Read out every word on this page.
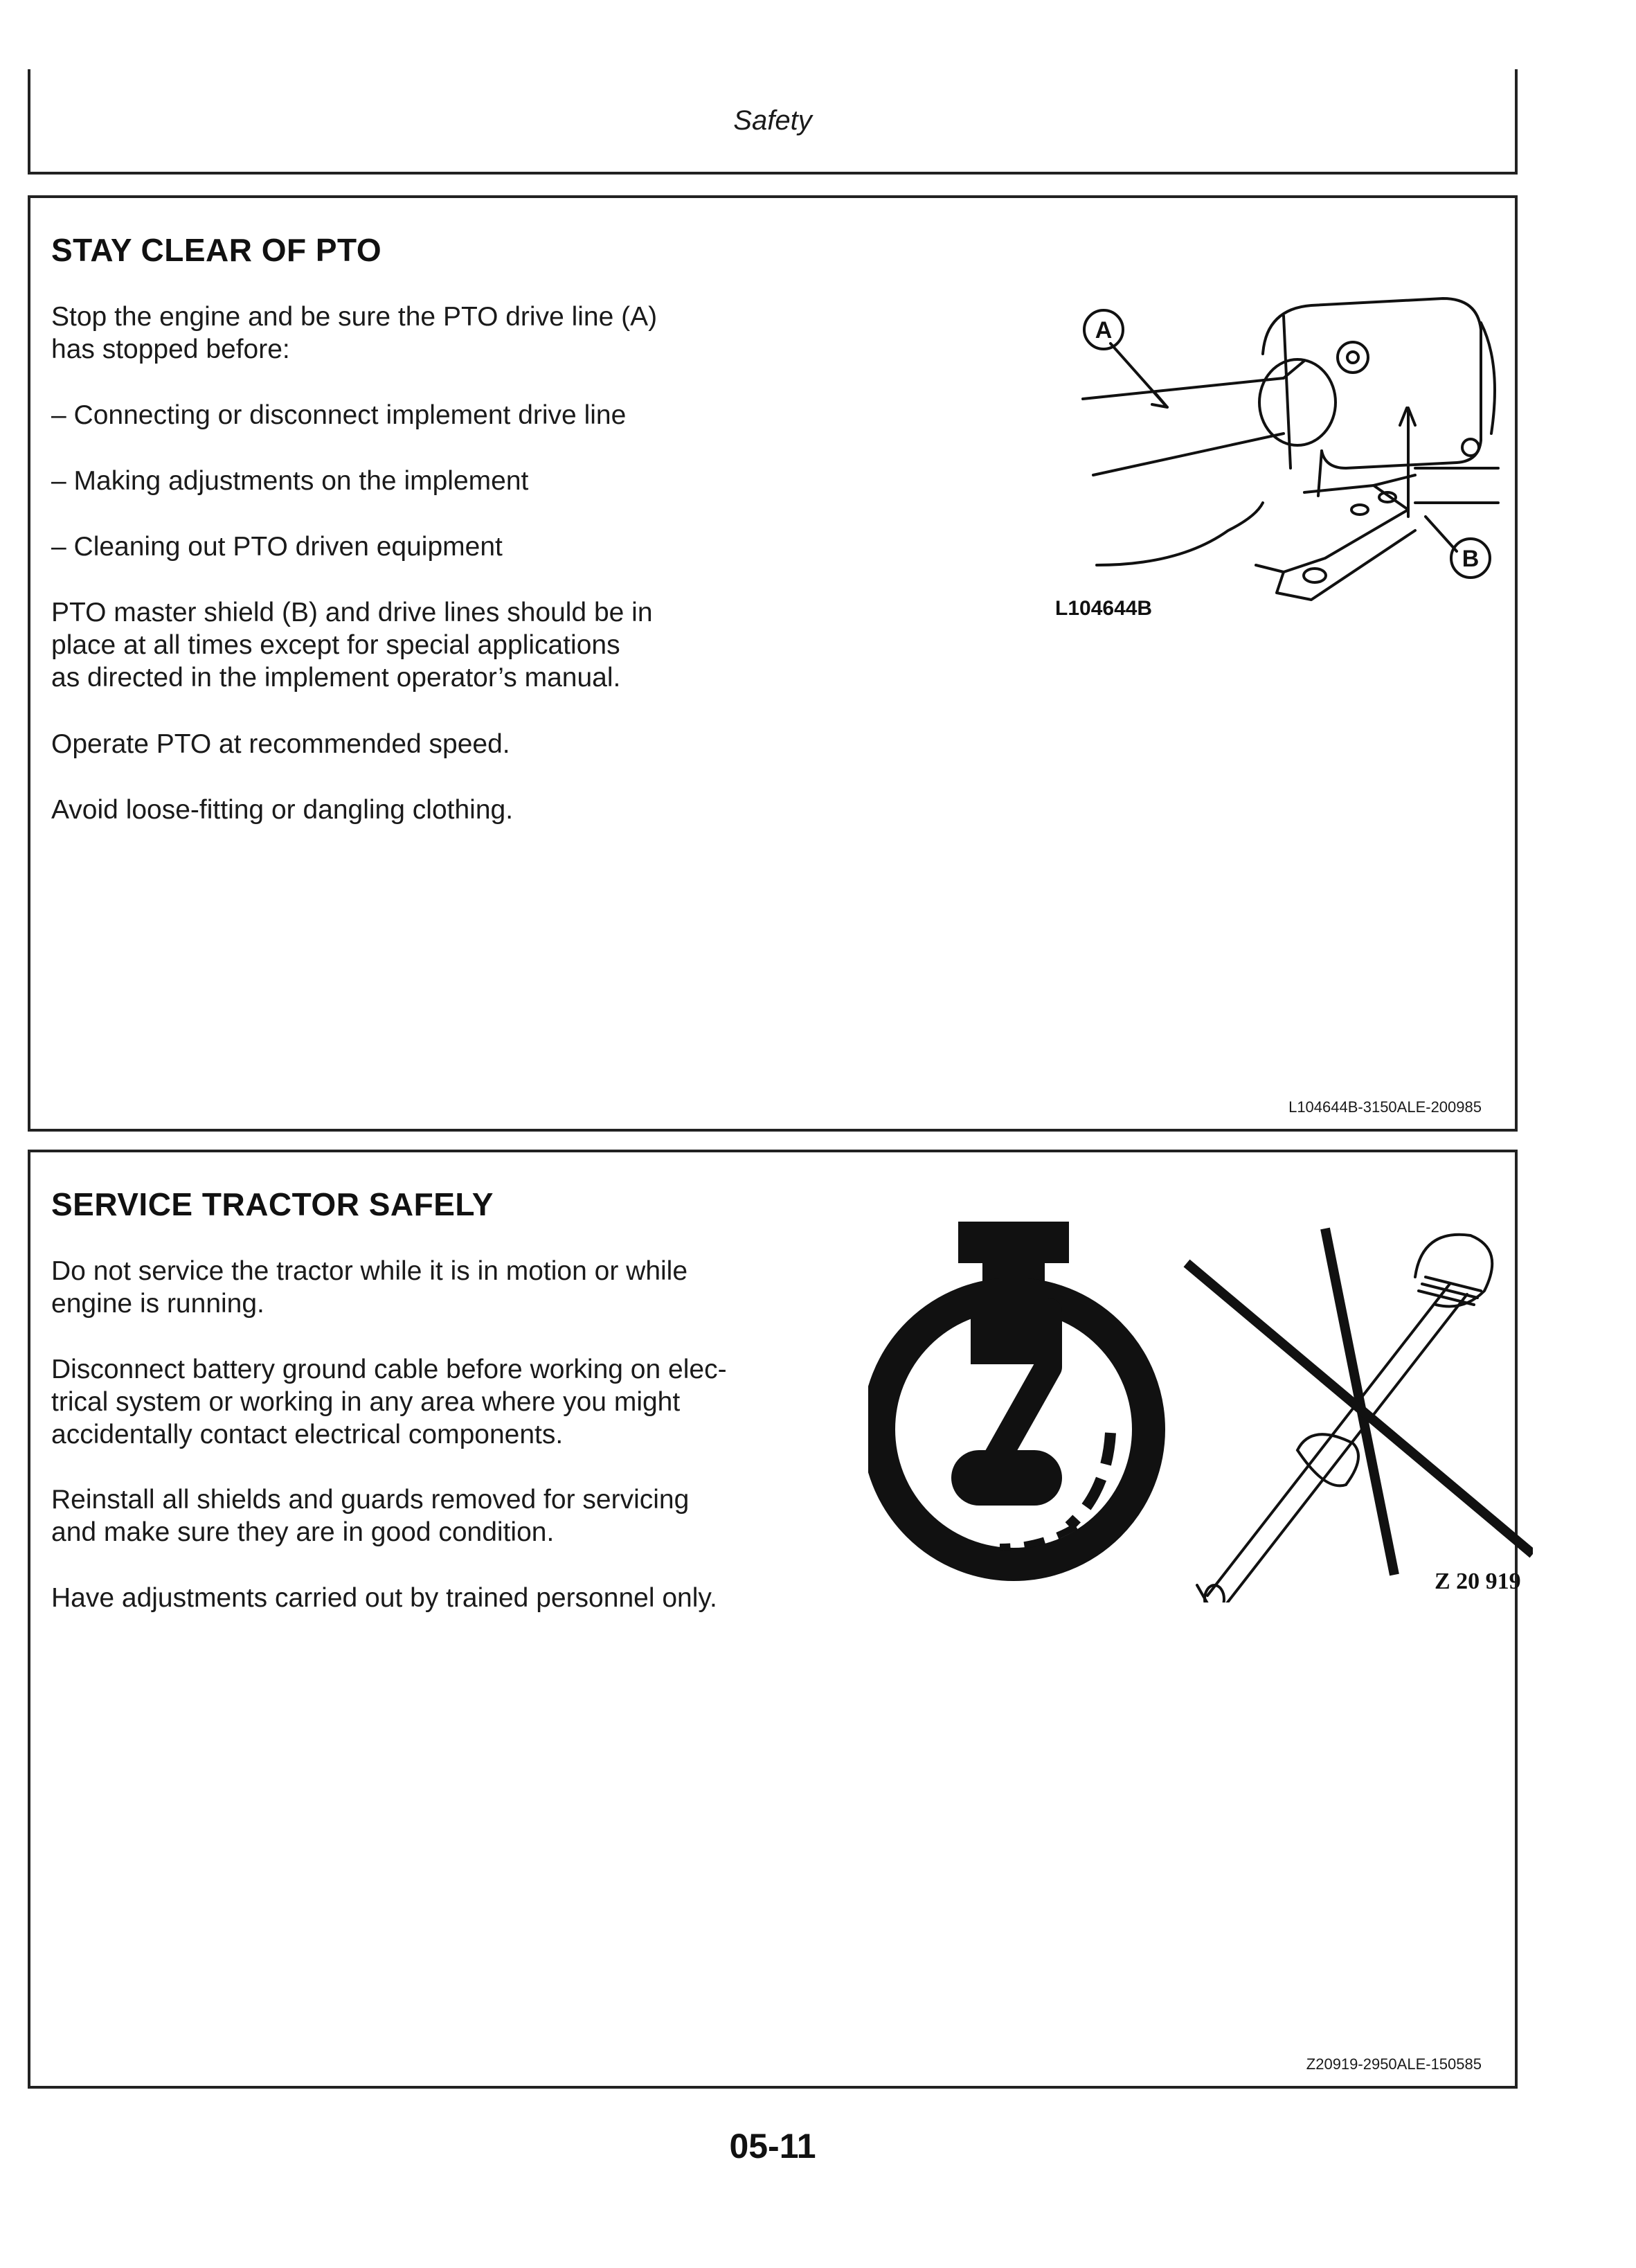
Safety
STAY CLEAR OF PTO
Stop the engine and be sure the PTO drive line (A)
has stopped before:
– Connecting or disconnect implement drive line
– Making adjustments on the implement
– Cleaning out PTO driven equipment
PTO master shield (B) and drive lines should be in
place at all times except for special applications
as directed in the implement operator’s manual.
Operate PTO at recommended speed.
Avoid loose-fitting or dangling clothing.
A
B
L104644B
L104644B-3150ALE-200985
SERVICE TRACTOR SAFELY
Do not service the tractor while it is in motion or while
engine is running.
Disconnect battery ground cable before working on elec-
trical system or working in any area where you might
accidentally contact electrical components.
Reinstall all shields and guards removed for servicing
and make sure they are in good condition.
Have adjustments carried out by trained personnel only.
Z 20 919
Z20919-2950ALE-150585
05-11
